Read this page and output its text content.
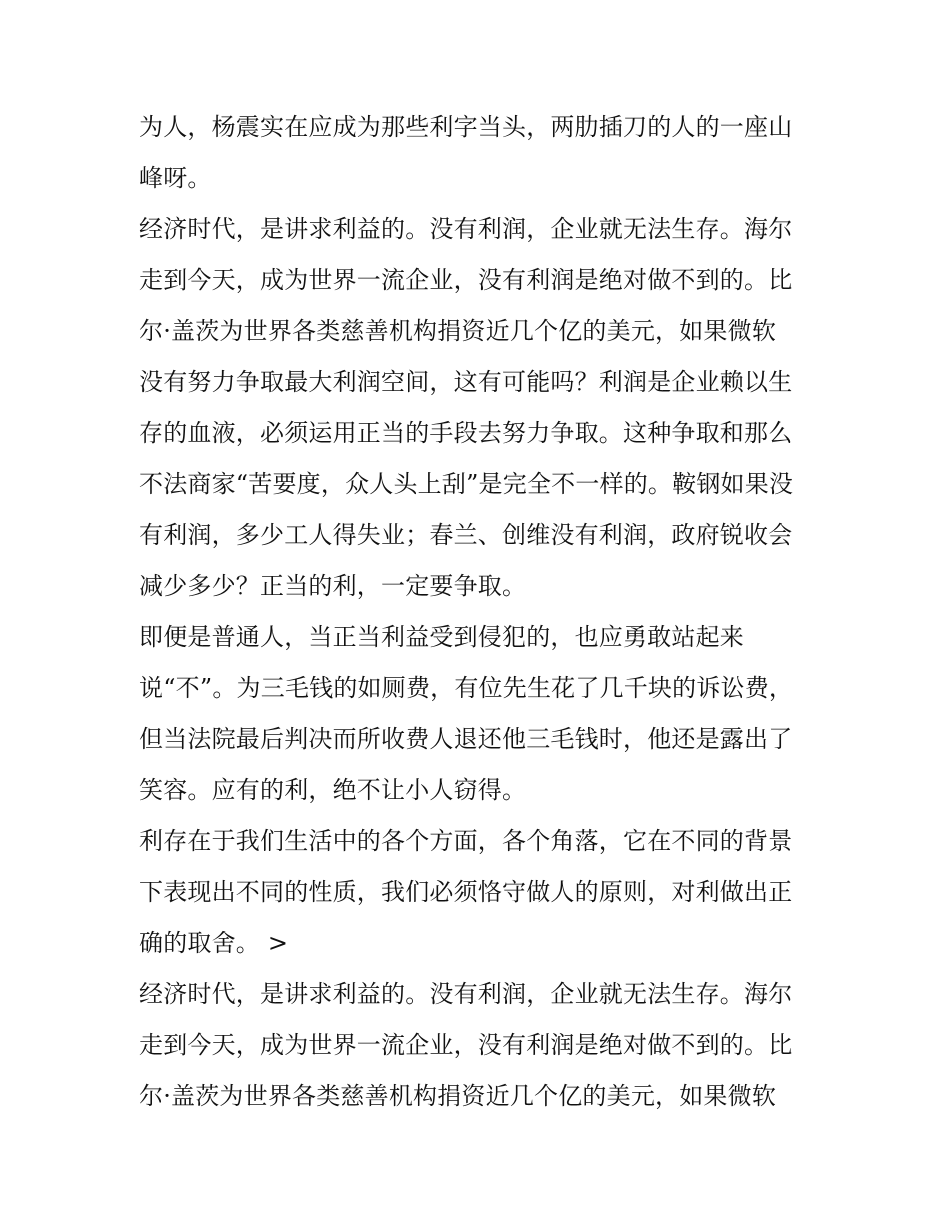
为人，杨震实在应成为那些利字当头，两肋插刀的人的一座山
峰呀。
经济时代，是讲求利益的。没有利润，企业就无法生存。海尔
走到今天，成为世界一流企业，没有利润是绝对做不到的。比
尔·盖茨为世界各类慈善机构捐资近几个亿的美元，如果微软
没有努力争取最大利润空间，这有可能吗？利润是企业赖以生
存的血液，必须运用正当的手段去努力争取。这种争取和那么
不法商家“苦要度，众人头上刮”是完全不一样的。鞍钢如果没
有利润，多少工人得失业；春兰、创维没有利润，政府锐收会
减少多少？正当的利，一定要争取。
即便是普通人，当正当利益受到侵犯的，也应勇敢站起来
说“不”。为三毛钱的如厕费，有位先生花了几千块的诉讼费，
但当法院最后判决而所收费人退还他三毛钱时，他还是露出了
笑容。应有的利，绝不让小人窃得。
利存在于我们生活中的各个方面，各个角落，它在不同的背景
下表现出不同的性质，我们必须恪守做人的原则，对利做出正
确的取舍。 >
经济时代，是讲求利益的。没有利润，企业就无法生存。海尔
走到今天，成为世界一流企业，没有利润是绝对做不到的。比
尔·盖茨为世界各类慈善机构捐资近几个亿的美元，如果微软
